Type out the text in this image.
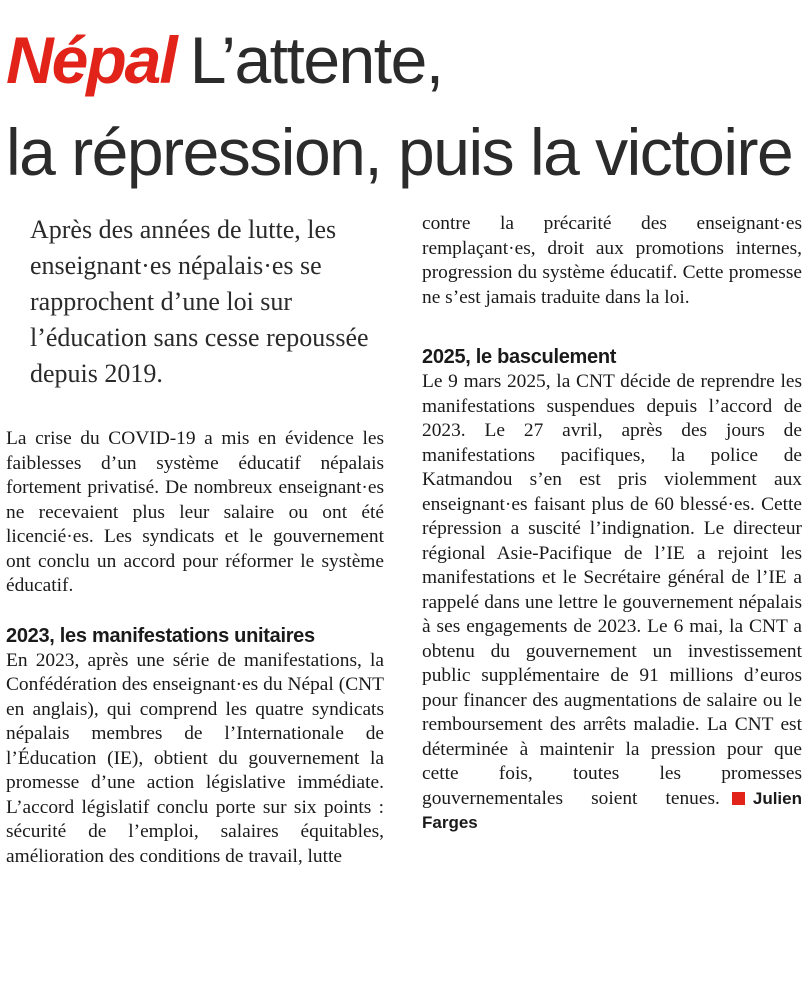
Népal L’attente,
la répression, puis la victoire
Après des années de lutte, les enseignant·es népalais·es se rapprochent d’une loi sur l’éducation sans cesse repoussée depuis 2019.

La crise du COVID-19 a mis en évidence les faiblesses d’un système éducatif népalais fortement privatisé. De nombreux enseignant·es ne recevaient plus leur salaire ou ont été licencié·es. Les syndicats et le gouvernement ont conclu un accord pour réformer le système éducatif.

2023, les manifestations unitaires

En 2023, après une série de manifestations, la Confédération des enseignant·es du Népal (CNT en anglais), qui comprend les quatre syndicats népalais membres de l’Internationale de l’Éducation (IE), obtient du gouvernement la promesse d’une action législative immédiate. L’accord législatif conclu porte sur six points : sécurité de l’emploi, salaires équitables, amélioration des conditions de travail, lutte

contre la précarité des enseignant·es remplaçant·es, droit aux promotions internes, progression du système éducatif. Cette promesse ne s’est jamais traduite dans la loi.

2025, le basculement

Le 9 mars 2025, la CNT décide de reprendre les manifestations suspendues depuis l’accord de 2023. Le 27 avril, après des jours de manifestations pacifiques, la police de Katmandou s’en est pris violemment aux enseignant·es faisant plus de 60 blessé·es. Cette répression a suscité l’indignation. Le directeur régional Asie-Pacifique de l’IE a rejoint les manifestations et le Secrétaire général de l’IE a rappelé dans une lettre le gouvernement népalais à ses engagements de 2023. Le 6 mai, la CNT a obtenu du gouvernement un investissement public supplémentaire de 91 millions d’euros pour financer des augmentations de salaire ou le remboursement des arrêts maladie. La CNT est déterminée à maintenir la pression pour que cette fois, toutes les promesses gouvernementales soient tenues. Julien Farges
